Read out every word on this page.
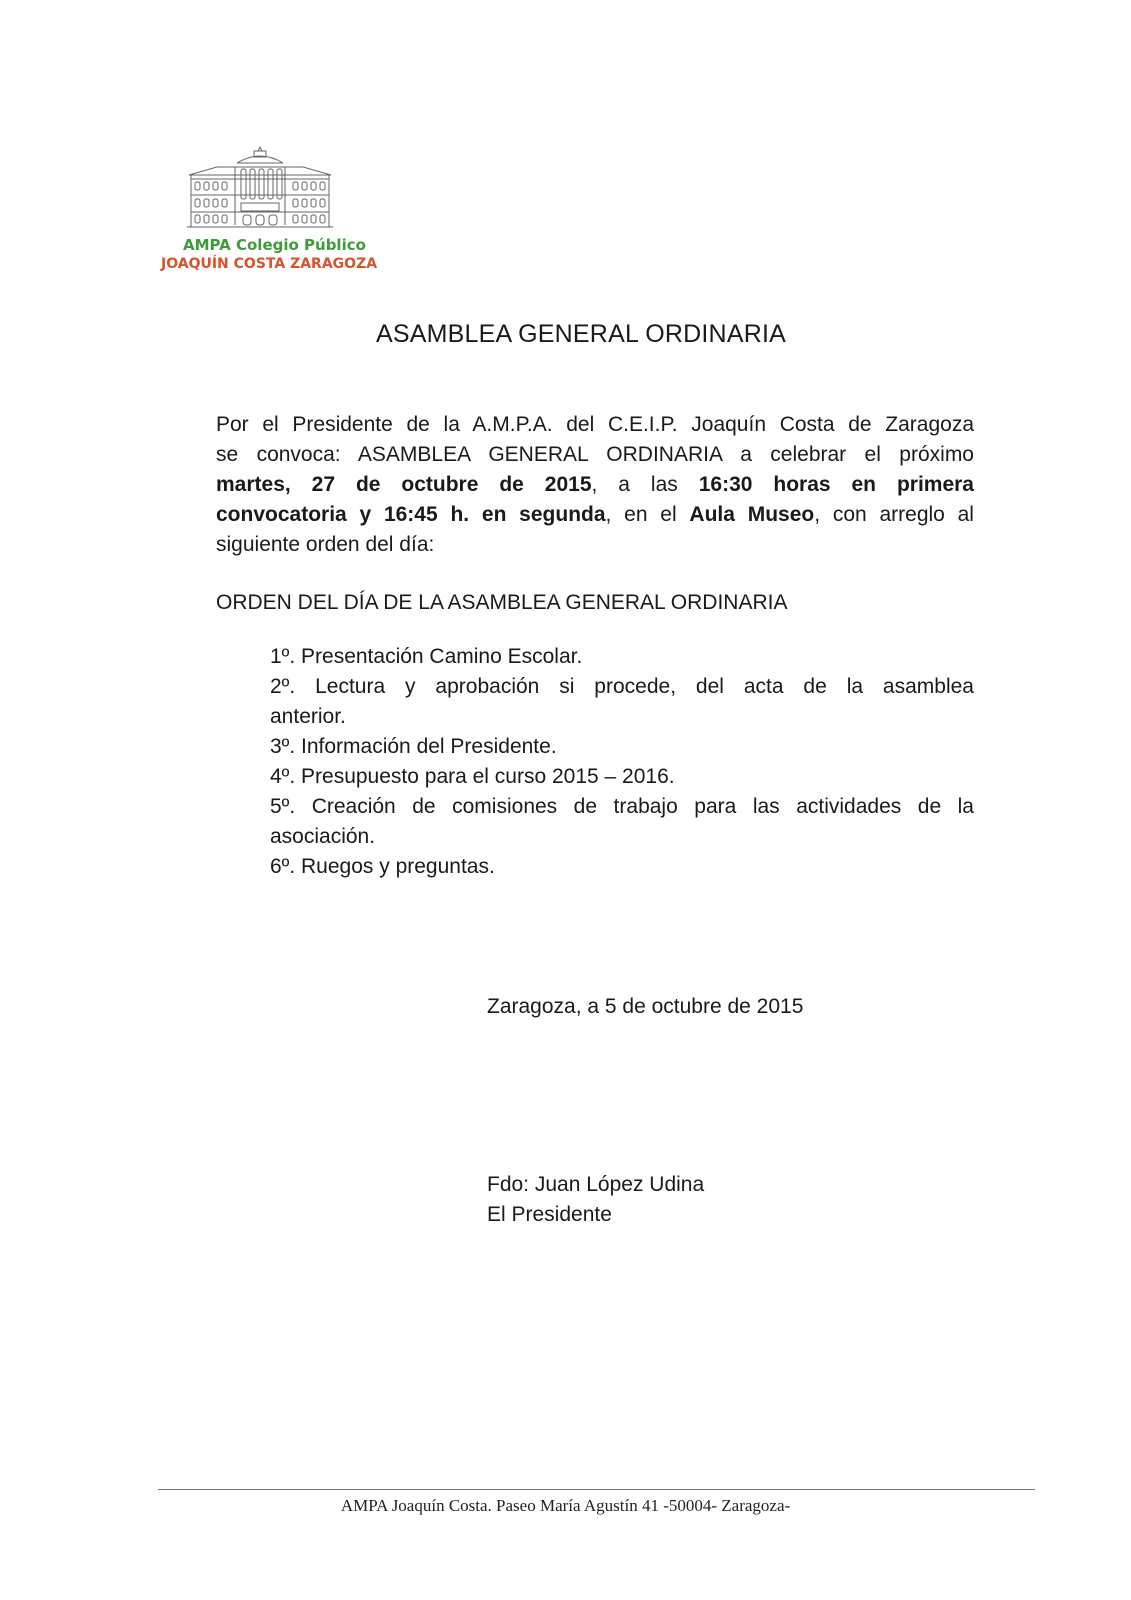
AMPA Colegio Público
JOAQUÍN COSTA ZARAGOZA
ASAMBLEA GENERAL ORDINARIA
Por el Presidente de la A.M.P.A. del C.E.I.P. Joaquín Costa de Zaragoza
se convoca: ASAMBLEA GENERAL ORDINARIA a celebrar el próximo
martes, 27 de octubre de 2015, a las 16:30 horas en primera
convocatoria y 16:45 h. en segunda, en el Aula Museo, con arreglo al
siguiente orden del día:
ORDEN DEL DÍA DE LA ASAMBLEA GENERAL ORDINARIA
1º. Presentación Camino Escolar.
2º. Lectura y aprobación si procede, del acta de la asamblea
anterior.
3º. Información del Presidente.
4º. Presupuesto para el curso 2015 – 2016.
5º. Creación de comisiones de trabajo para las actividades de la
asociación.
6º. Ruegos y preguntas.
Zaragoza, a 5 de octubre de 2015
Fdo: Juan López Udina
El Presidente
AMPA Joaquín Costa. Paseo María Agustín 41 -50004- Zaragoza-
